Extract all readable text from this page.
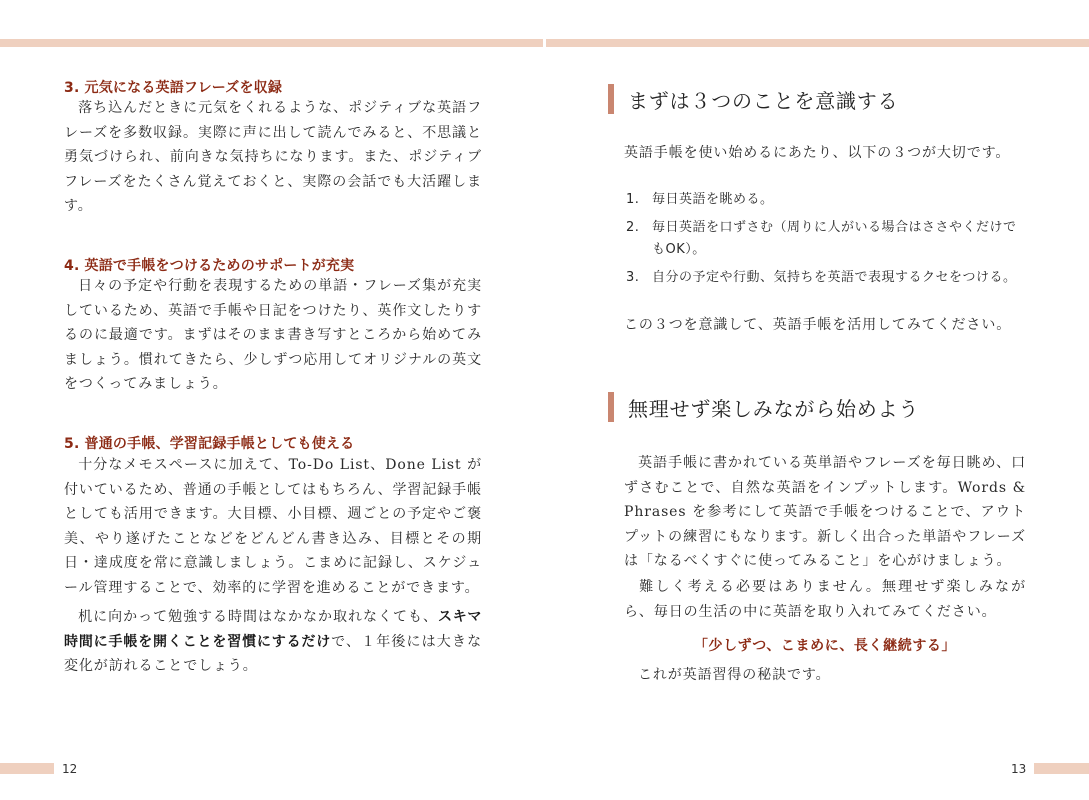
3. 元気になる英語フレーズを収録
落ち込んだときに元気をくれるような、ポジティブな英語フレーズを多数収録。実際に声に出して読んでみると、不思議と勇気づけられ、前向きな気持ちになります。また、ポジティブフレーズをたくさん覚えておくと、実際の会話でも大活躍します。
4. 英語で手帳をつけるためのサポートが充実
日々の予定や行動を表現するための単語・フレーズ集が充実しているため、英語で手帳や日記をつけたり、英作文したりするのに最適です。まずはそのまま書き写すところから始めてみましょう。慣れてきたら、少しずつ応用してオリジナルの英文をつくってみましょう。
5. 普通の手帳、学習記録手帳としても使える
十分なメモスペースに加えて、To-Do List、Done List が付いているため、普通の手帳としてはもちろん、学習記録手帳としても活用できます。大目標、小目標、週ごとの予定やご褒美、やり遂げたことなどをどんどん書き込み、目標とその期日・達成度を常に意識しましょう。こまめに記録し、スケジュール管理することで、効率的に学習を進めることができます。
机に向かって勉強する時間はなかなか取れなくても、スキマ時間に手帳を開くことを習慣にするだけで、１年後には大きな変化が訪れることでしょう。
12
まずは３つのことを意識する
英語手帳を使い始めるにあたり、以下の３つが大切です。
1. 毎日英語を眺める。
2. 毎日英語を口ずさむ（周りに人がいる場合はささやくだけでもOK）。
3. 自分の予定や行動、気持ちを英語で表現するクセをつける。
この３つを意識して、英語手帳を活用してみてください。
無理せず楽しみながら始めよう
英語手帳に書かれている英単語やフレーズを毎日眺め、口ずさむことで、自然な英語をインプットします。Words & Phrases を参考にして英語で手帳をつけることで、アウトプットの練習にもなります。新しく出合った単語やフレーズは「なるべくすぐに使ってみること」を心がけましょう。
難しく考える必要はありません。無理せず楽しみながら、毎日の生活の中に英語を取り入れてみてください。
「少しずつ、こまめに、長く継続する」
これが英語習得の秘訣です。
13
